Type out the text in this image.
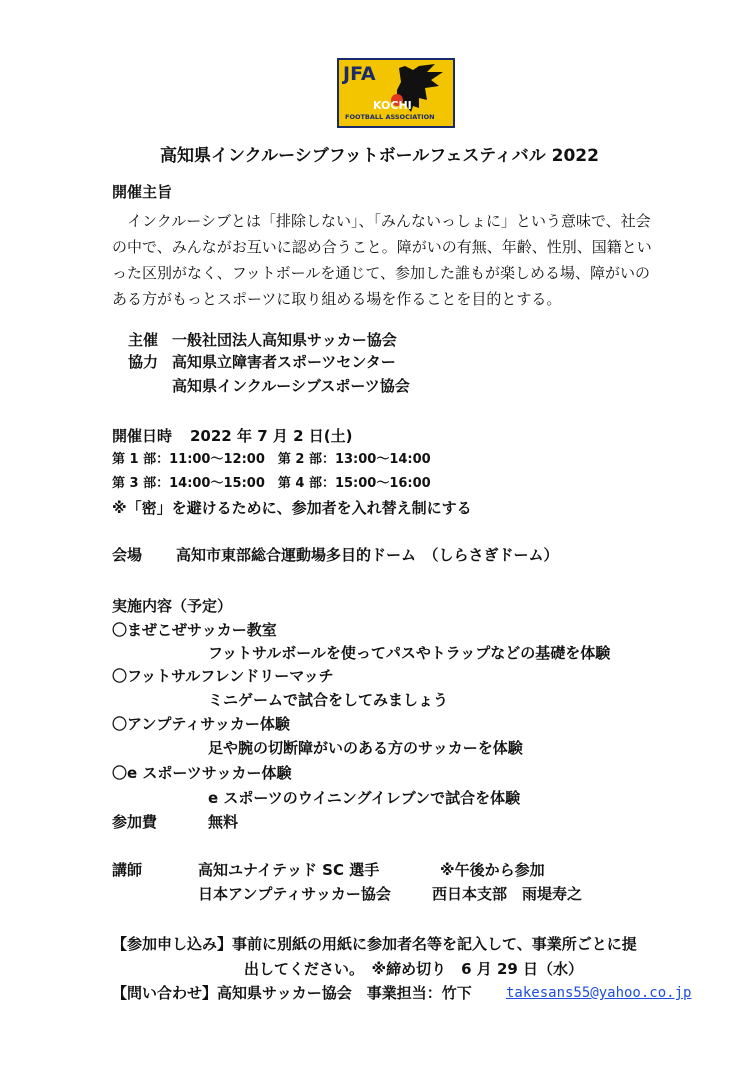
JFA
KOCHI
FOOTBALL ASSOCIATION
高知県インクルーシブフットボールフェスティバル 2022
開催主旨
　インクルーシブとは「排除しない」、「みんないっしょに」という意味で、社会
の中で、みんながお互いに認め合うこと。障がいの有無、年齢、性別、国籍とい
った区別がなく、フットボールを通じて、参加した誰もが楽しめる場、障がいの
ある方がもっとスポーツに取り組める場を作ることを目的とする。
主催 一般社団法人高知県サッカー協会
協力 高知県立障害者スポーツセンター
高知県インクルーシブスポーツ協会
開催日時 2022 年 7 月 2 日(土)
第 1 部：11:00～12:00　第 2 部：13:00～14:00
第 3 部：14:00～15:00　第 4 部：15:00～16:00
※「密」を避けるために、参加者を入れ替え制にする
会場 高知市東部総合運動場多目的ドーム　（しらさぎドーム）
実施内容（予定）
〇まぜこぜサッカー教室
フットサルボールを使ってパスやトラップなどの基礎を体験
〇フットサルフレンドリーマッチ
ミニゲームで試合をしてみましょう
〇アンプティサッカー体験
足や腕の切断障がいのある方のサッカーを体験
〇e スポーツサッカー体験
e スポーツのウイニングイレブンで試合を体験
参加費	無料
講師	高知ユナイテッド SC 選手	※午後から参加
日本アンプティサッカー協会	西日本支部　雨堤寿之
【参加申し込み】事前に別紙の用紙に参加者名等を記入して、事業所ごとに提
出してください。　※締め切り　6 月 29 日（水）
【問い合わせ】高知県サッカー協会　事業担当：竹下 takesans55@yahoo.co.jp
